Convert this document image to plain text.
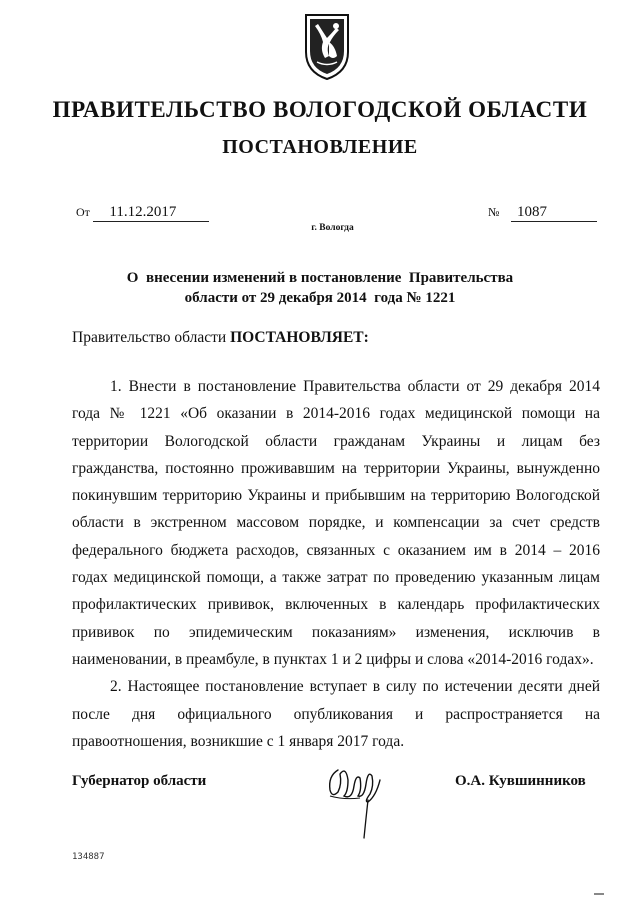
ПРАВИТЕЛЬСТВО ВОЛОГОДСКОЙ ОБЛАСТИ
ПОСТАНОВЛЕНИЕ
От 11.12.2017	№ 1087
г. Вологда
О  внесении изменений в постановление  Правительства
области от 29 декабря 2014  года № 1221
Правительство области ПОСТАНОВЛЯЕТ:

1. Внести в постановление Правительства области от 29 декабря 2014 года № 1221 «Об оказании в 2014-2016 годах медицинской помощи на территории Вологодской области гражданам Украины и лицам без гражданства, постоянно проживавшим на территории Украины, вынужденно покинувшим территорию Украины и прибывшим на территорию Вологодской области в экстренном массовом порядке, и компенсации за счет средств федерального бюджета расходов, связанных с оказанием им в 2014 – 2016 годах медицинской помощи, а также затрат по проведению указанным лицам профилактических прививок, включенных в календарь профилактических прививок по эпидемическим показаниям» изменения, исключив в наименовании, в преамбуле, в пунктах 1 и 2 цифры и слова «2014-2016 годах».

2. Настоящее постановление вступает в силу по истечении десяти дней после дня официального опубликования и распространяется на правоотношения, возникшие с 1 января 2017 года.

Губернатор области	О.А. Кувшинников
134887
